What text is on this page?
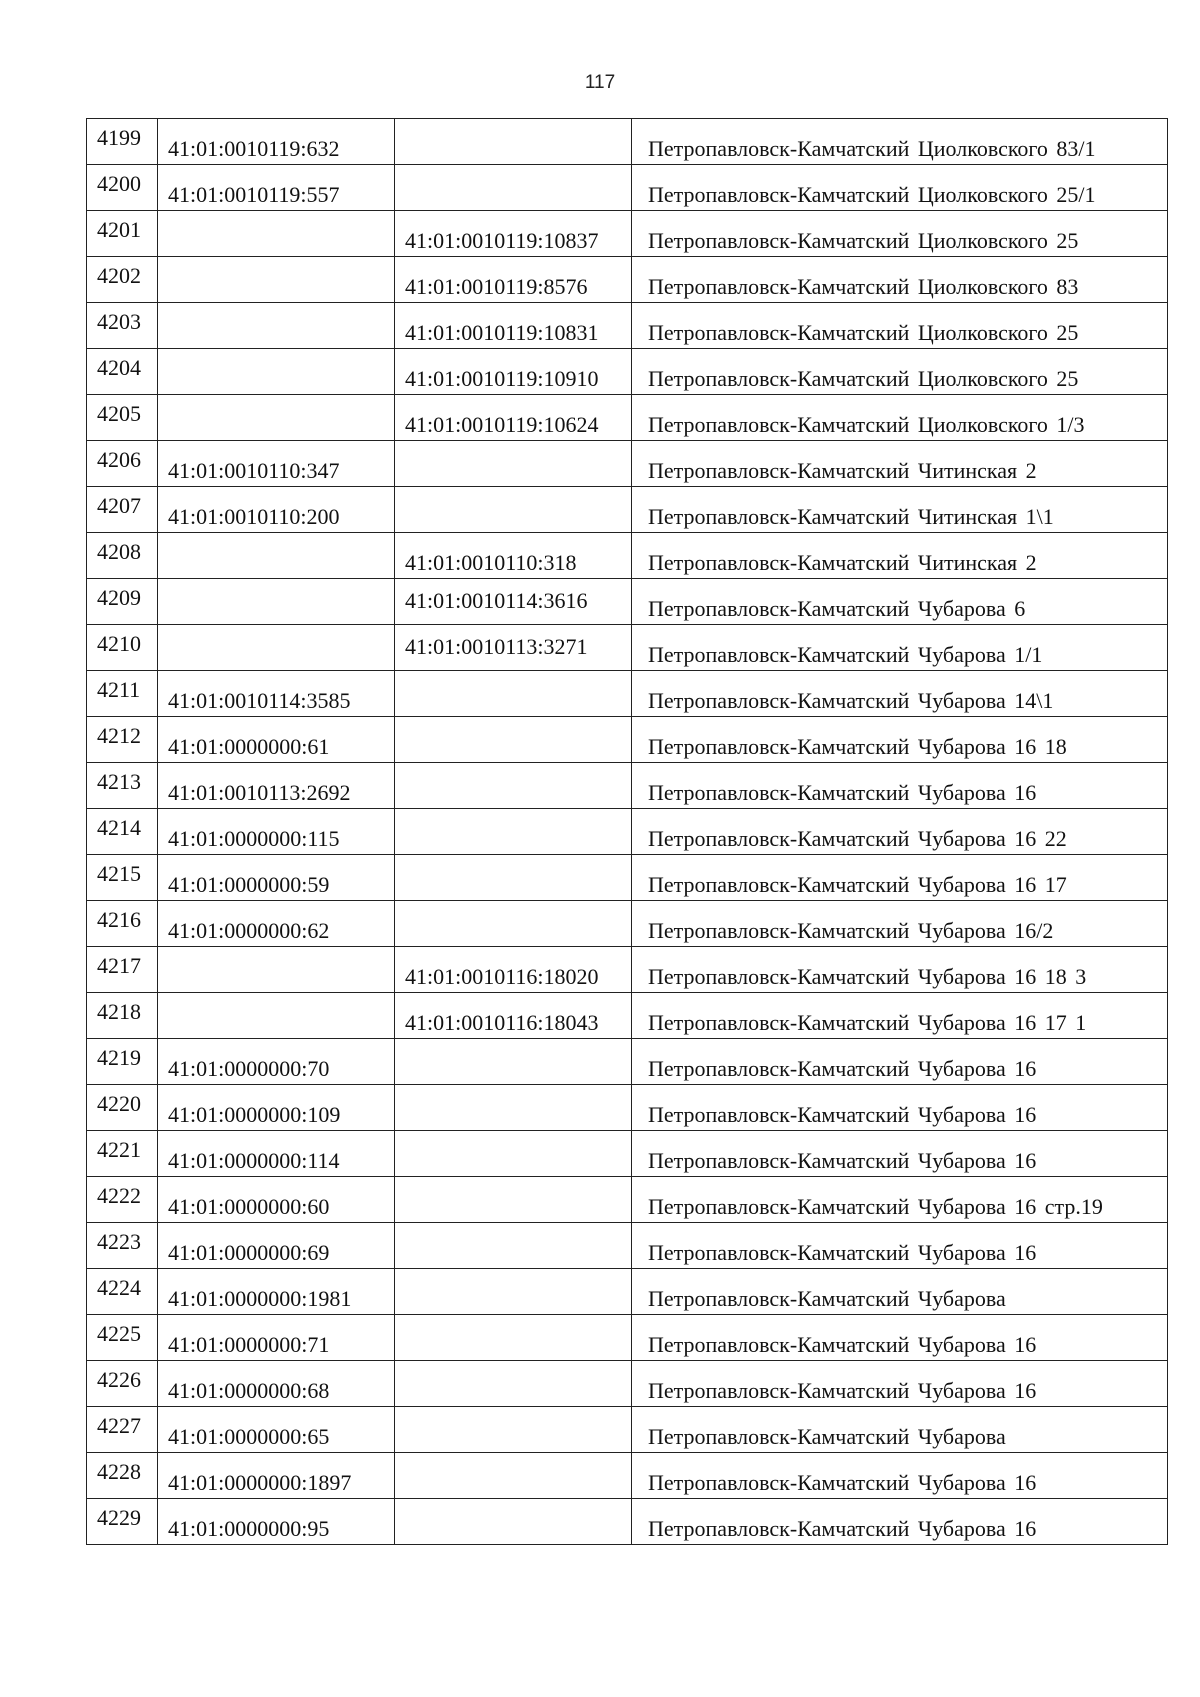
117
4199	41:01:0010119:632		Петропавловск-Камчатский Циолковского 83/1

4200	41:01:0010119:557		Петропавловск-Камчатский Циолковского 25/1

4201		41:01:0010119:10837	Петропавловск-Камчатский Циолковского 25

4202		41:01:0010119:8576	Петропавловск-Камчатский Циолковского 83

4203		41:01:0010119:10831	Петропавловск-Камчатский Циолковского 25

4204		41:01:0010119:10910	Петропавловск-Камчатский Циолковского 25

4205		41:01:0010119:10624	Петропавловск-Камчатский Циолковского 1/3

4206	41:01:0010110:347		Петропавловск-Камчатский Читинская 2

4207	41:01:0010110:200		Петропавловск-Камчатский Читинская 1\1

4208		41:01:0010110:318	Петропавловск-Камчатский Читинская 2

4209		41:01:0010114:3616	Петропавловск-Камчатский Чубарова 6

4210		41:01:0010113:3271	Петропавловск-Камчатский Чубарова 1/1

4211	41:01:0010114:3585		Петропавловск-Камчатский Чубарова 14\1

4212	41:01:0000000:61		Петропавловск-Камчатский Чубарова 16 18

4213	41:01:0010113:2692		Петропавловск-Камчатский Чубарова 16

4214	41:01:0000000:115		Петропавловск-Камчатский Чубарова 16 22

4215	41:01:0000000:59		Петропавловск-Камчатский Чубарова 16 17

4216	41:01:0000000:62		Петропавловск-Камчатский Чубарова 16/2

4217		41:01:0010116:18020	Петропавловск-Камчатский Чубарова 16 18 3

4218		41:01:0010116:18043	Петропавловск-Камчатский Чубарова 16 17 1

4219	41:01:0000000:70		Петропавловск-Камчатский Чубарова 16

4220	41:01:0000000:109		Петропавловск-Камчатский Чубарова 16

4221	41:01:0000000:114		Петропавловск-Камчатский Чубарова 16

4222	41:01:0000000:60		Петропавловск-Камчатский Чубарова 16 стр.19

4223	41:01:0000000:69		Петропавловск-Камчатский Чубарова 16

4224	41:01:0000000:1981		Петропавловск-Камчатский Чубарова

4225	41:01:0000000:71		Петропавловск-Камчатский Чубарова 16

4226	41:01:0000000:68		Петропавловск-Камчатский Чубарова 16

4227	41:01:0000000:65		Петропавловск-Камчатский Чубарова

4228	41:01:0000000:1897		Петропавловск-Камчатский Чубарова 16

4229	41:01:0000000:95		Петропавловск-Камчатский Чубарова 16
